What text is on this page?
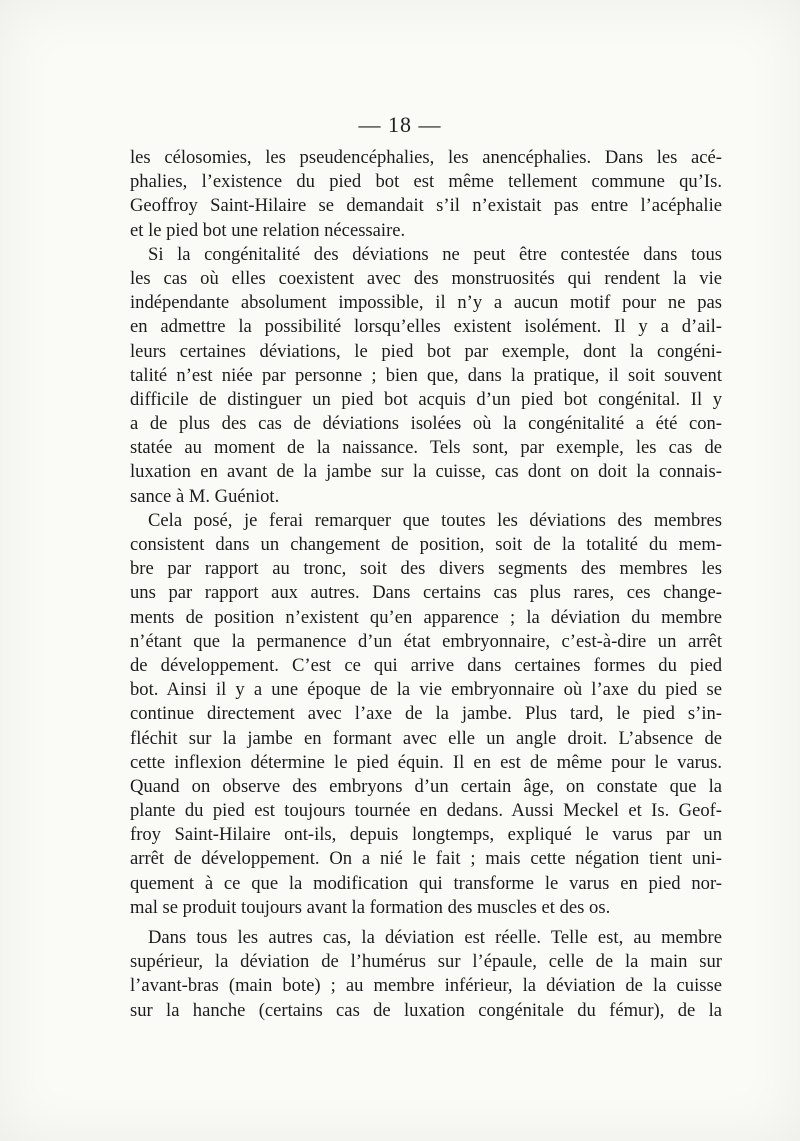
— 18 —
les célosomies, les pseudencéphalies, les anencéphalies. Dans les acé-
phalies, l’existence du pied bot est même tellement commune qu’Is.
Geoffroy Saint-Hilaire se demandait s’il n’existait pas entre l’acéphalie
et le pied bot une relation nécessaire.
Si la congénitalité des déviations ne peut être contestée dans tous
les cas où elles coexistent avec des monstruosités qui rendent la vie
indépendante absolument impossible, il n’y a aucun motif pour ne pas
en admettre la possibilité lorsqu’elles existent isolément. Il y a d’ail-
leurs certaines déviations, le pied bot par exemple, dont la congéni-
talité n’est niée par personne ; bien que, dans la pratique, il soit souvent
difficile de distinguer un pied bot acquis d’un pied bot congénital. Il y
a de plus des cas de déviations isolées où la congénitalité a été con-
statée au moment de la naissance. Tels sont, par exemple, les cas de
luxation en avant de la jambe sur la cuisse, cas dont on doit la connais-
sance à M. Guéniot.
Cela posé, je ferai remarquer que toutes les déviations des membres
consistent dans un changement de position, soit de la totalité du mem-
bre par rapport au tronc, soit des divers segments des membres les
uns par rapport aux autres. Dans certains cas plus rares, ces change-
ments de position n’existent qu’en apparence ; la déviation du membre
n’étant que la permanence d’un état embryonnaire, c’est-à-dire un arrêt
de développement. C’est ce qui arrive dans certaines formes du pied
bot. Ainsi il y a une époque de la vie embryonnaire où l’axe du pied se
continue directement avec l’axe de la jambe. Plus tard, le pied s’in-
fléchit sur la jambe en formant avec elle un angle droit. L’absence de
cette inflexion détermine le pied équin. Il en est de même pour le varus.
Quand on observe des embryons d’un certain âge, on constate que la
plante du pied est toujours tournée en dedans. Aussi Meckel et Is. Geof-
froy Saint-Hilaire ont-ils, depuis longtemps, expliqué le varus par un
arrêt de développement. On a nié le fait ; mais cette négation tient uni-
quement à ce que la modification qui transforme le varus en pied nor-
mal se produit toujours avant la formation des muscles et des os.
Dans tous les autres cas, la déviation est réelle. Telle est, au membre
supérieur, la déviation de l’humérus sur l’épaule, celle de la main sur
l’avant-bras (main bote) ; au membre inférieur, la déviation de la cuisse
sur la hanche (certains cas de luxation congénitale du fémur), de la
